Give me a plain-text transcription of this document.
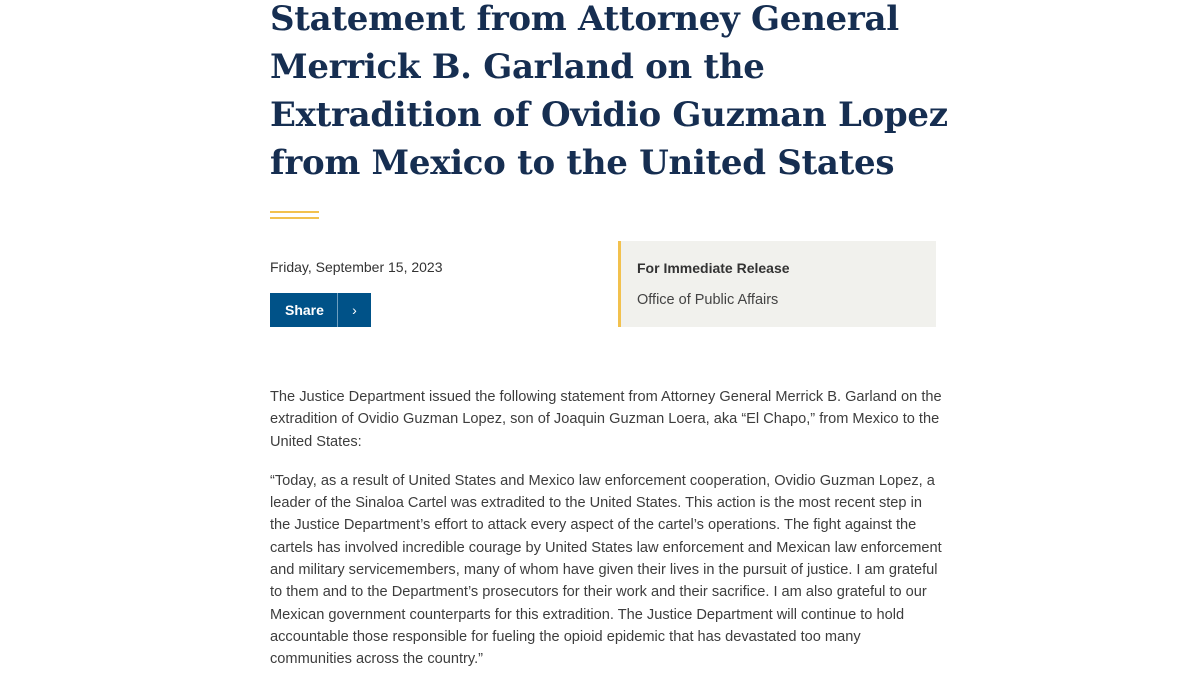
Statement from Attorney General Merrick B. Garland on the Extradition of Ovidio Guzman Lopez from Mexico to the United States
Friday, September 15, 2023
Share	›
For Immediate Release
Office of Public Affairs

The Justice Department issued the following statement from Attorney General Merrick B. Garland on the extradition of Ovidio Guzman Lopez, son of Joaquin Guzman Loera, aka “El Chapo,” from Mexico to the United States:

“Today, as a result of United States and Mexico law enforcement cooperation, Ovidio Guzman Lopez, a leader of the Sinaloa Cartel was extradited to the United States. This action is the most recent step in the Justice Department’s effort to attack every aspect of the cartel’s operations. The fight against the cartels has involved incredible courage by United States law enforcement and Mexican law enforcement and military servicemembers, many of whom have given their lives in the pursuit of justice. I am grateful to them and to the Department’s prosecutors for their work and their sacrifice. I am also grateful to our Mexican government counterparts for this extradition. The Justice Department will continue to hold accountable those responsible for fueling the opioid epidemic that has devastated too many communities across the country.”
